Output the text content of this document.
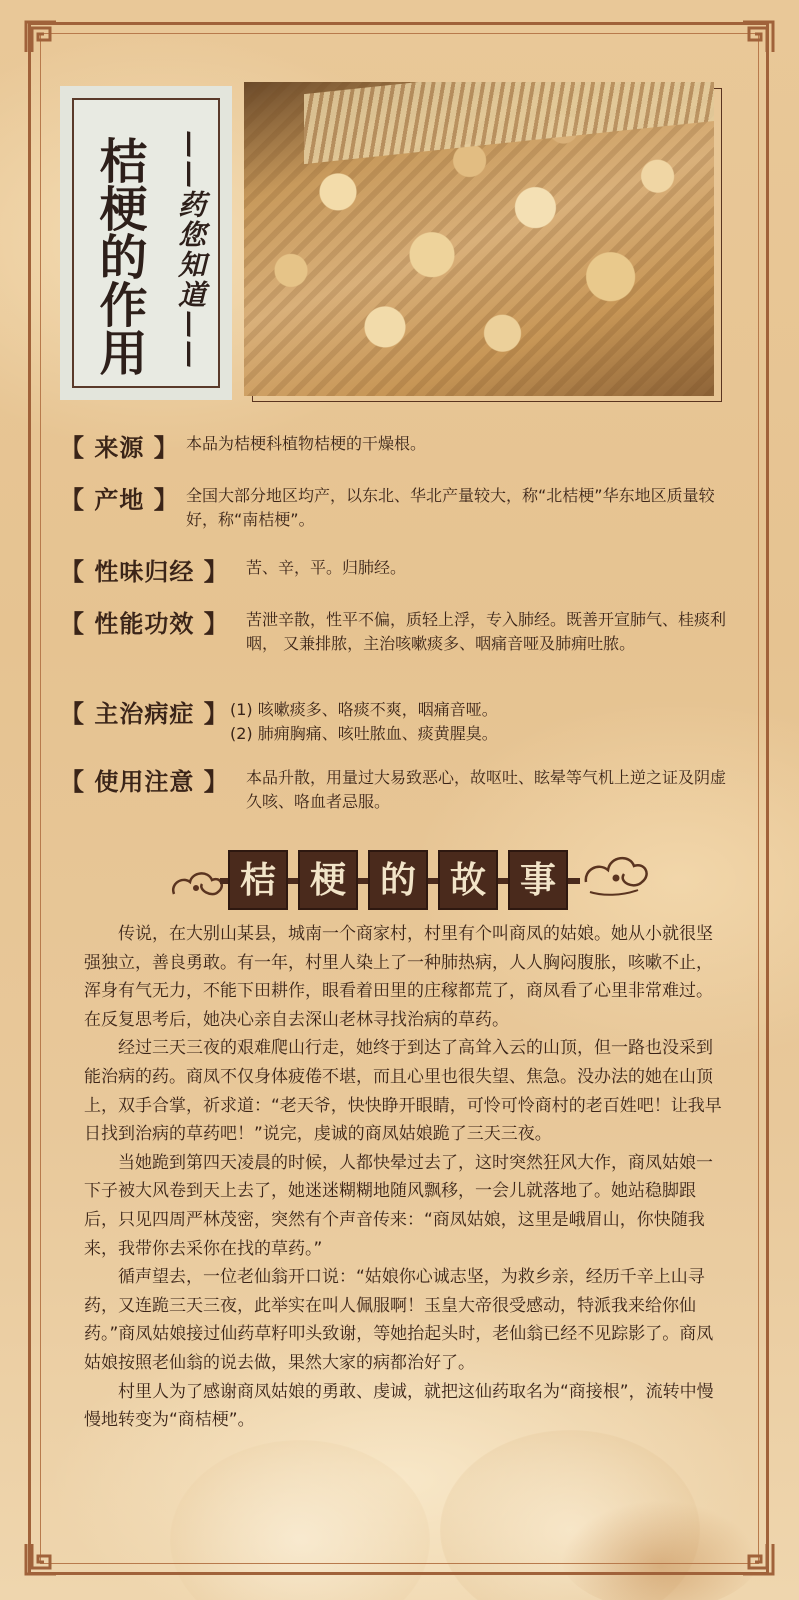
桔梗的作用 ——药您知道——
【 来源 】 本品为桔梗科植物桔梗的干燥根。
【 产地 】 全国大部分地区均产，以东北、华北产量较大，称“北桔梗”华东地区质量较好，称“南桔梗”。
【 性味归经 】 苦、辛，平。归肺经。
【 性能功效 】 苦泄辛散，性平不偏，质轻上浮，专入肺经。既善开宣肺气、桂痰利咽， 又兼排脓，主治咳嗽痰多、咽痛音哑及肺痈吐脓。
【 主治病症 】 (1) 咳嗽痰多、咯痰不爽，咽痛音哑。
(2) 肺痈胸痛、咳吐脓血、痰黄腥臭。
【 使用注意 】 本品升散，用量过大易致恶心，故呕吐、眩晕等气机上逆之证及阴虚久咳、咯血者忌服。
桔 梗 的 故 事

传说，在大别山某县，城南一个商家村，村里有个叫商凤的姑娘。她从小就很坚强独立，善良勇敢。有一年，村里人染上了一种肺热病，人人胸闷腹胀，咳嗽不止，浑身有气无力，不能下田耕作，眼看着田里的庄稼都荒了，商凤看了心里非常难过。在反复思考后，她决心亲自去深山老林寻找治病的草药。

经过三天三夜的艰难爬山行走，她终于到达了高耸入云的山顶，但一路也没采到能治病的药。商凤不仅身体疲倦不堪，而且心里也很失望、焦急。没办法的她在山顶上，双手合掌，祈求道：“老天爷，快快睁开眼睛，可怜可怜商村的老百姓吧！让我早日找到治病的草药吧！”说完，虔诚的商凤姑娘跪了三天三夜。

当她跪到第四天凌晨的时候，人都快晕过去了，这时突然狂风大作，商凤姑娘一下子被大风卷到天上去了，她迷迷糊糊地随风飘移，一会儿就落地了。她站稳脚跟后，只见四周严林茂密，突然有个声音传来：“商凤姑娘，这里是峨眉山，你快随我来，我带你去采你在找的草药。”

循声望去，一位老仙翁开口说：“姑娘你心诚志坚，为救乡亲，经历千辛上山寻药，又连跪三天三夜，此举实在叫人佩服啊！玉皇大帝很受感动，特派我来给你仙药。”商凤姑娘接过仙药草籽叩头致谢，等她抬起头时，老仙翁已经不见踪影了。商凤姑娘按照老仙翁的说去做，果然大家的病都治好了。

村里人为了感谢商凤姑娘的勇敢、虔诚，就把这仙药取名为“商接根”，流转中慢慢地转变为“商桔梗”。
